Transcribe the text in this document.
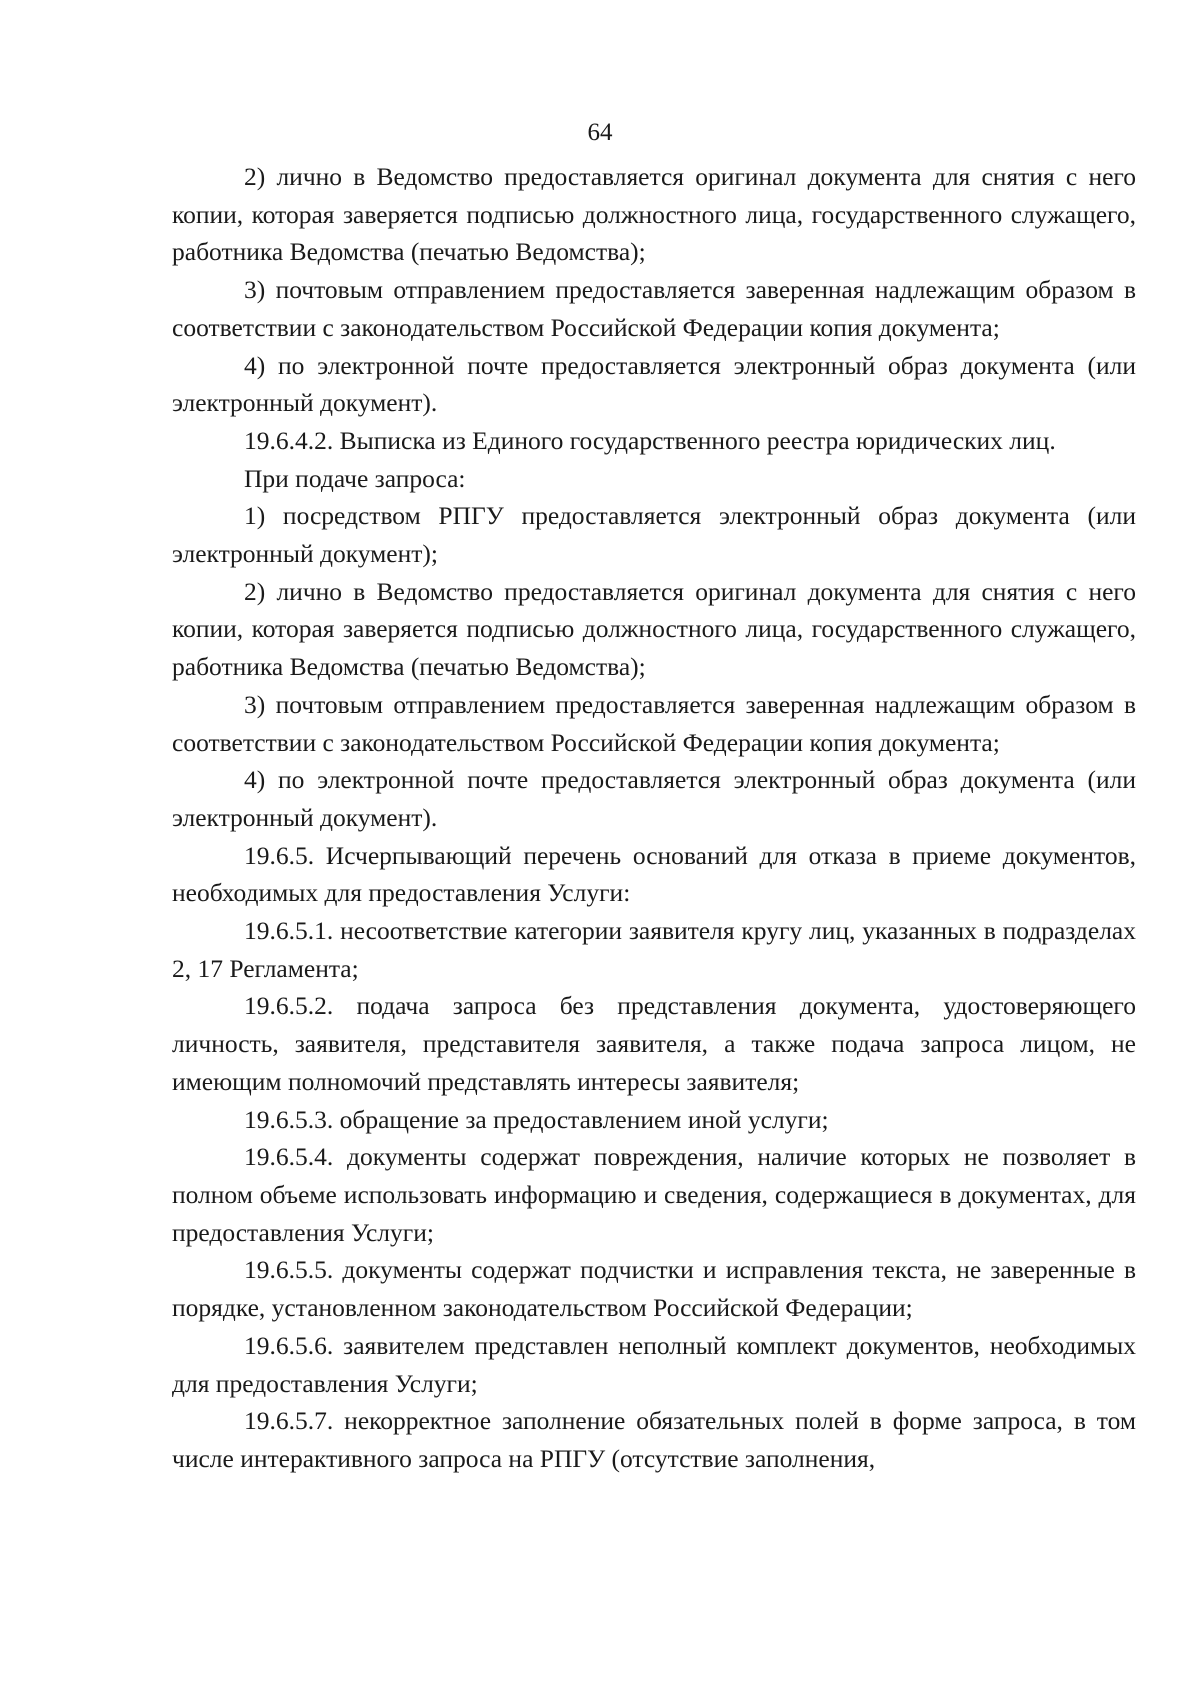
64

2) лично в Ведомство предоставляется оригинал документа для снятия с него копии, которая заверяется подписью должностного лица, государственного служащего, работника Ведомства (печатью Ведомства);

3) почтовым отправлением предоставляется заверенная надлежащим образом в соответствии с законодательством Российской Федерации копия документа;

4) по электронной почте предоставляется электронный образ документа (или электронный документ).

19.6.4.2. Выписка из Единого государственного реестра юридических лиц.

При подаче запроса:

1) посредством РПГУ предоставляется электронный образ документа (или электронный документ);

2) лично в Ведомство предоставляется оригинал документа для снятия с него копии, которая заверяется подписью должностного лица, государственного служащего, работника Ведомства (печатью Ведомства);

3) почтовым отправлением предоставляется заверенная надлежащим образом в соответствии с законодательством Российской Федерации копия документа;

4) по электронной почте предоставляется электронный образ документа (или электронный документ).

19.6.5. Исчерпывающий перечень оснований для отказа в приеме документов, необходимых для предоставления Услуги:

19.6.5.1. несоответствие категории заявителя кругу лиц, указанных в подразделах 2, 17 Регламента;

19.6.5.2. подача запроса без представления документа, удостоверяющего личность, заявителя, представителя заявителя, а также подача запроса лицом, не имеющим полномочий представлять интересы заявителя;

19.6.5.3. обращение за предоставлением иной услуги;

19.6.5.4. документы содержат повреждения, наличие которых не позволяет в полном объеме использовать информацию и сведения, содержащиеся в документах, для предоставления Услуги;

19.6.5.5. документы содержат подчистки и исправления текста, не заверенные в порядке, установленном законодательством Российской Федерации;

19.6.5.6. заявителем представлен неполный комплект документов, необходимых для предоставления Услуги;

19.6.5.7. некорректное заполнение обязательных полей в форме запроса, в том числе интерактивного запроса на РПГУ (отсутствие заполнения,
